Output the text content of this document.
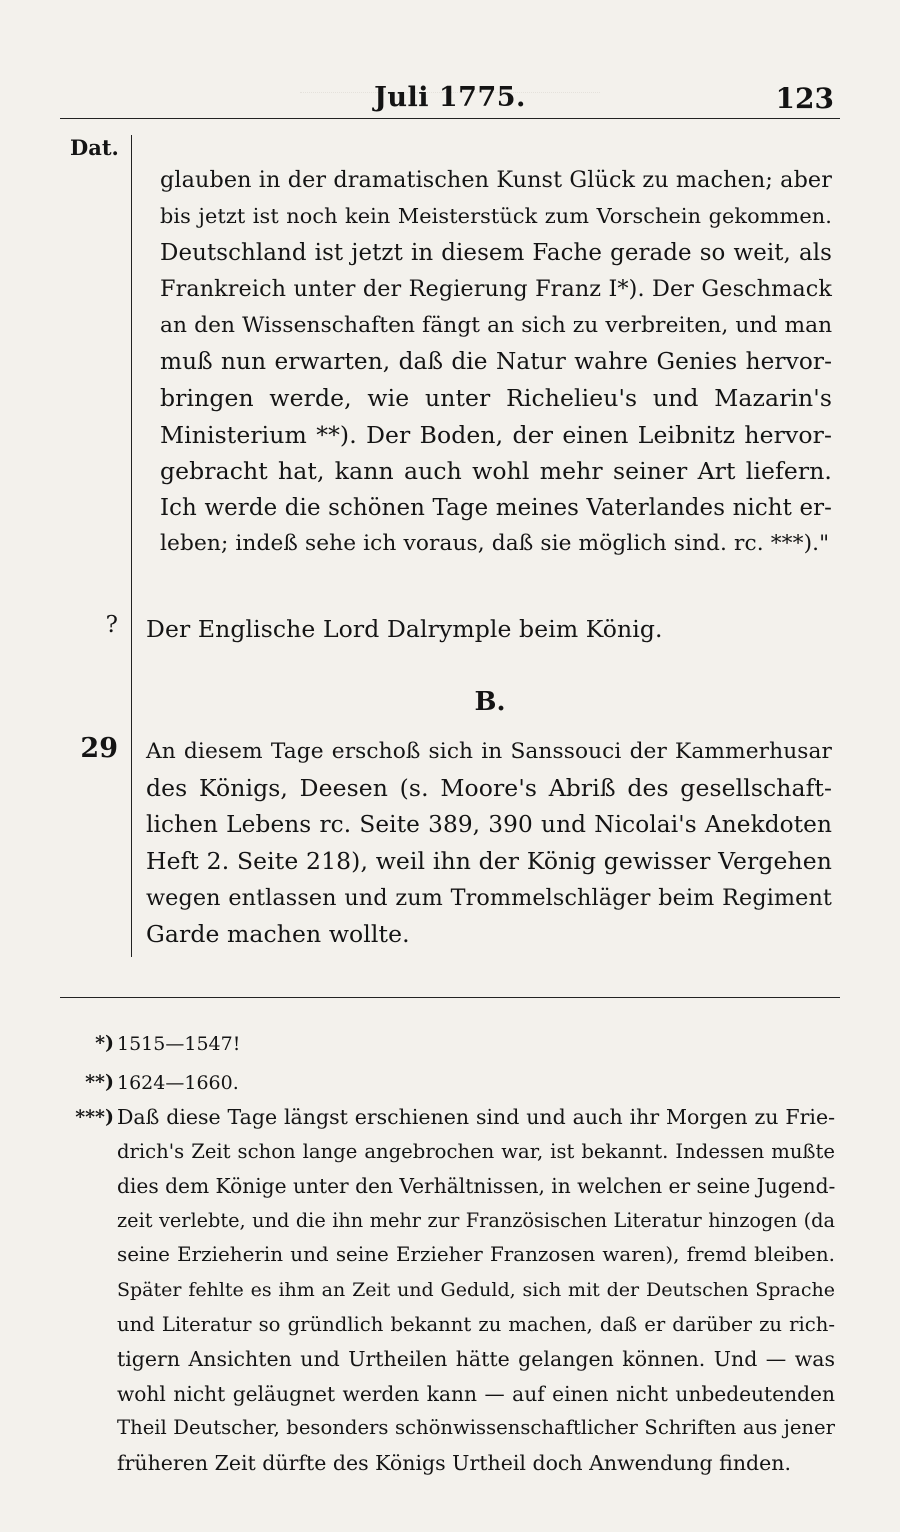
Juli 1775.	123
Dat.
glauben in der dramatischen Kunst Glück zu machen; aber
bis jetzt ist noch kein Meisterstück zum Vorschein gekommen.
Deutschland ist jetzt in diesem Fache gerade so weit, als
Frankreich unter der Regierung Franz I*). Der Geschmack
an den Wissenschaften fängt an sich zu verbreiten, und man
muß nun erwarten, daß die Natur wahre Genies hervor-
bringen werde, wie unter Richelieu's und Mazarin's
Ministerium **). Der Boden, der einen Leibnitz hervor-
gebracht hat, kann auch wohl mehr seiner Art liefern.
Ich werde die schönen Tage meines Vaterlandes nicht er-
leben; indeß sehe ich voraus, daß sie möglich sind. rc. ***)."
? Der Englische Lord Dalrymple beim König.
B.
29 An diesem Tage erschoß sich in Sanssouci der Kammerhusar
des Königs, Deesen (s. Moore's Abriß des gesellschaft-
lichen Lebens rc. Seite 389, 390 und Nicolai's Anekdoten
Heft 2. Seite 218), weil ihn der König gewisser Vergehen
wegen entlassen und zum Trommelschläger beim Regiment
Garde machen wollte.
*) 1515—1547!
**) 1624—1660.
***) Daß diese Tage längst erschienen sind und auch ihr Morgen zu Frie-
drich's Zeit schon lange angebrochen war, ist bekannt. Indessen mußte
dies dem Könige unter den Verhältnissen, in welchen er seine Jugend-
zeit verlebte, und die ihn mehr zur Französischen Literatur hinzogen (da
seine Erzieherin und seine Erzieher Franzosen waren), fremd bleiben.
Später fehlte es ihm an Zeit und Geduld, sich mit der Deutschen Sprache
und Literatur so gründlich bekannt zu machen, daß er darüber zu rich-
tigern Ansichten und Urtheilen hätte gelangen können. Und — was
wohl nicht geläugnet werden kann — auf einen nicht unbedeutenden
Theil Deutscher, besonders schönwissenschaftlicher Schriften aus jener
früheren Zeit dürfte des Königs Urtheil doch Anwendung finden.
